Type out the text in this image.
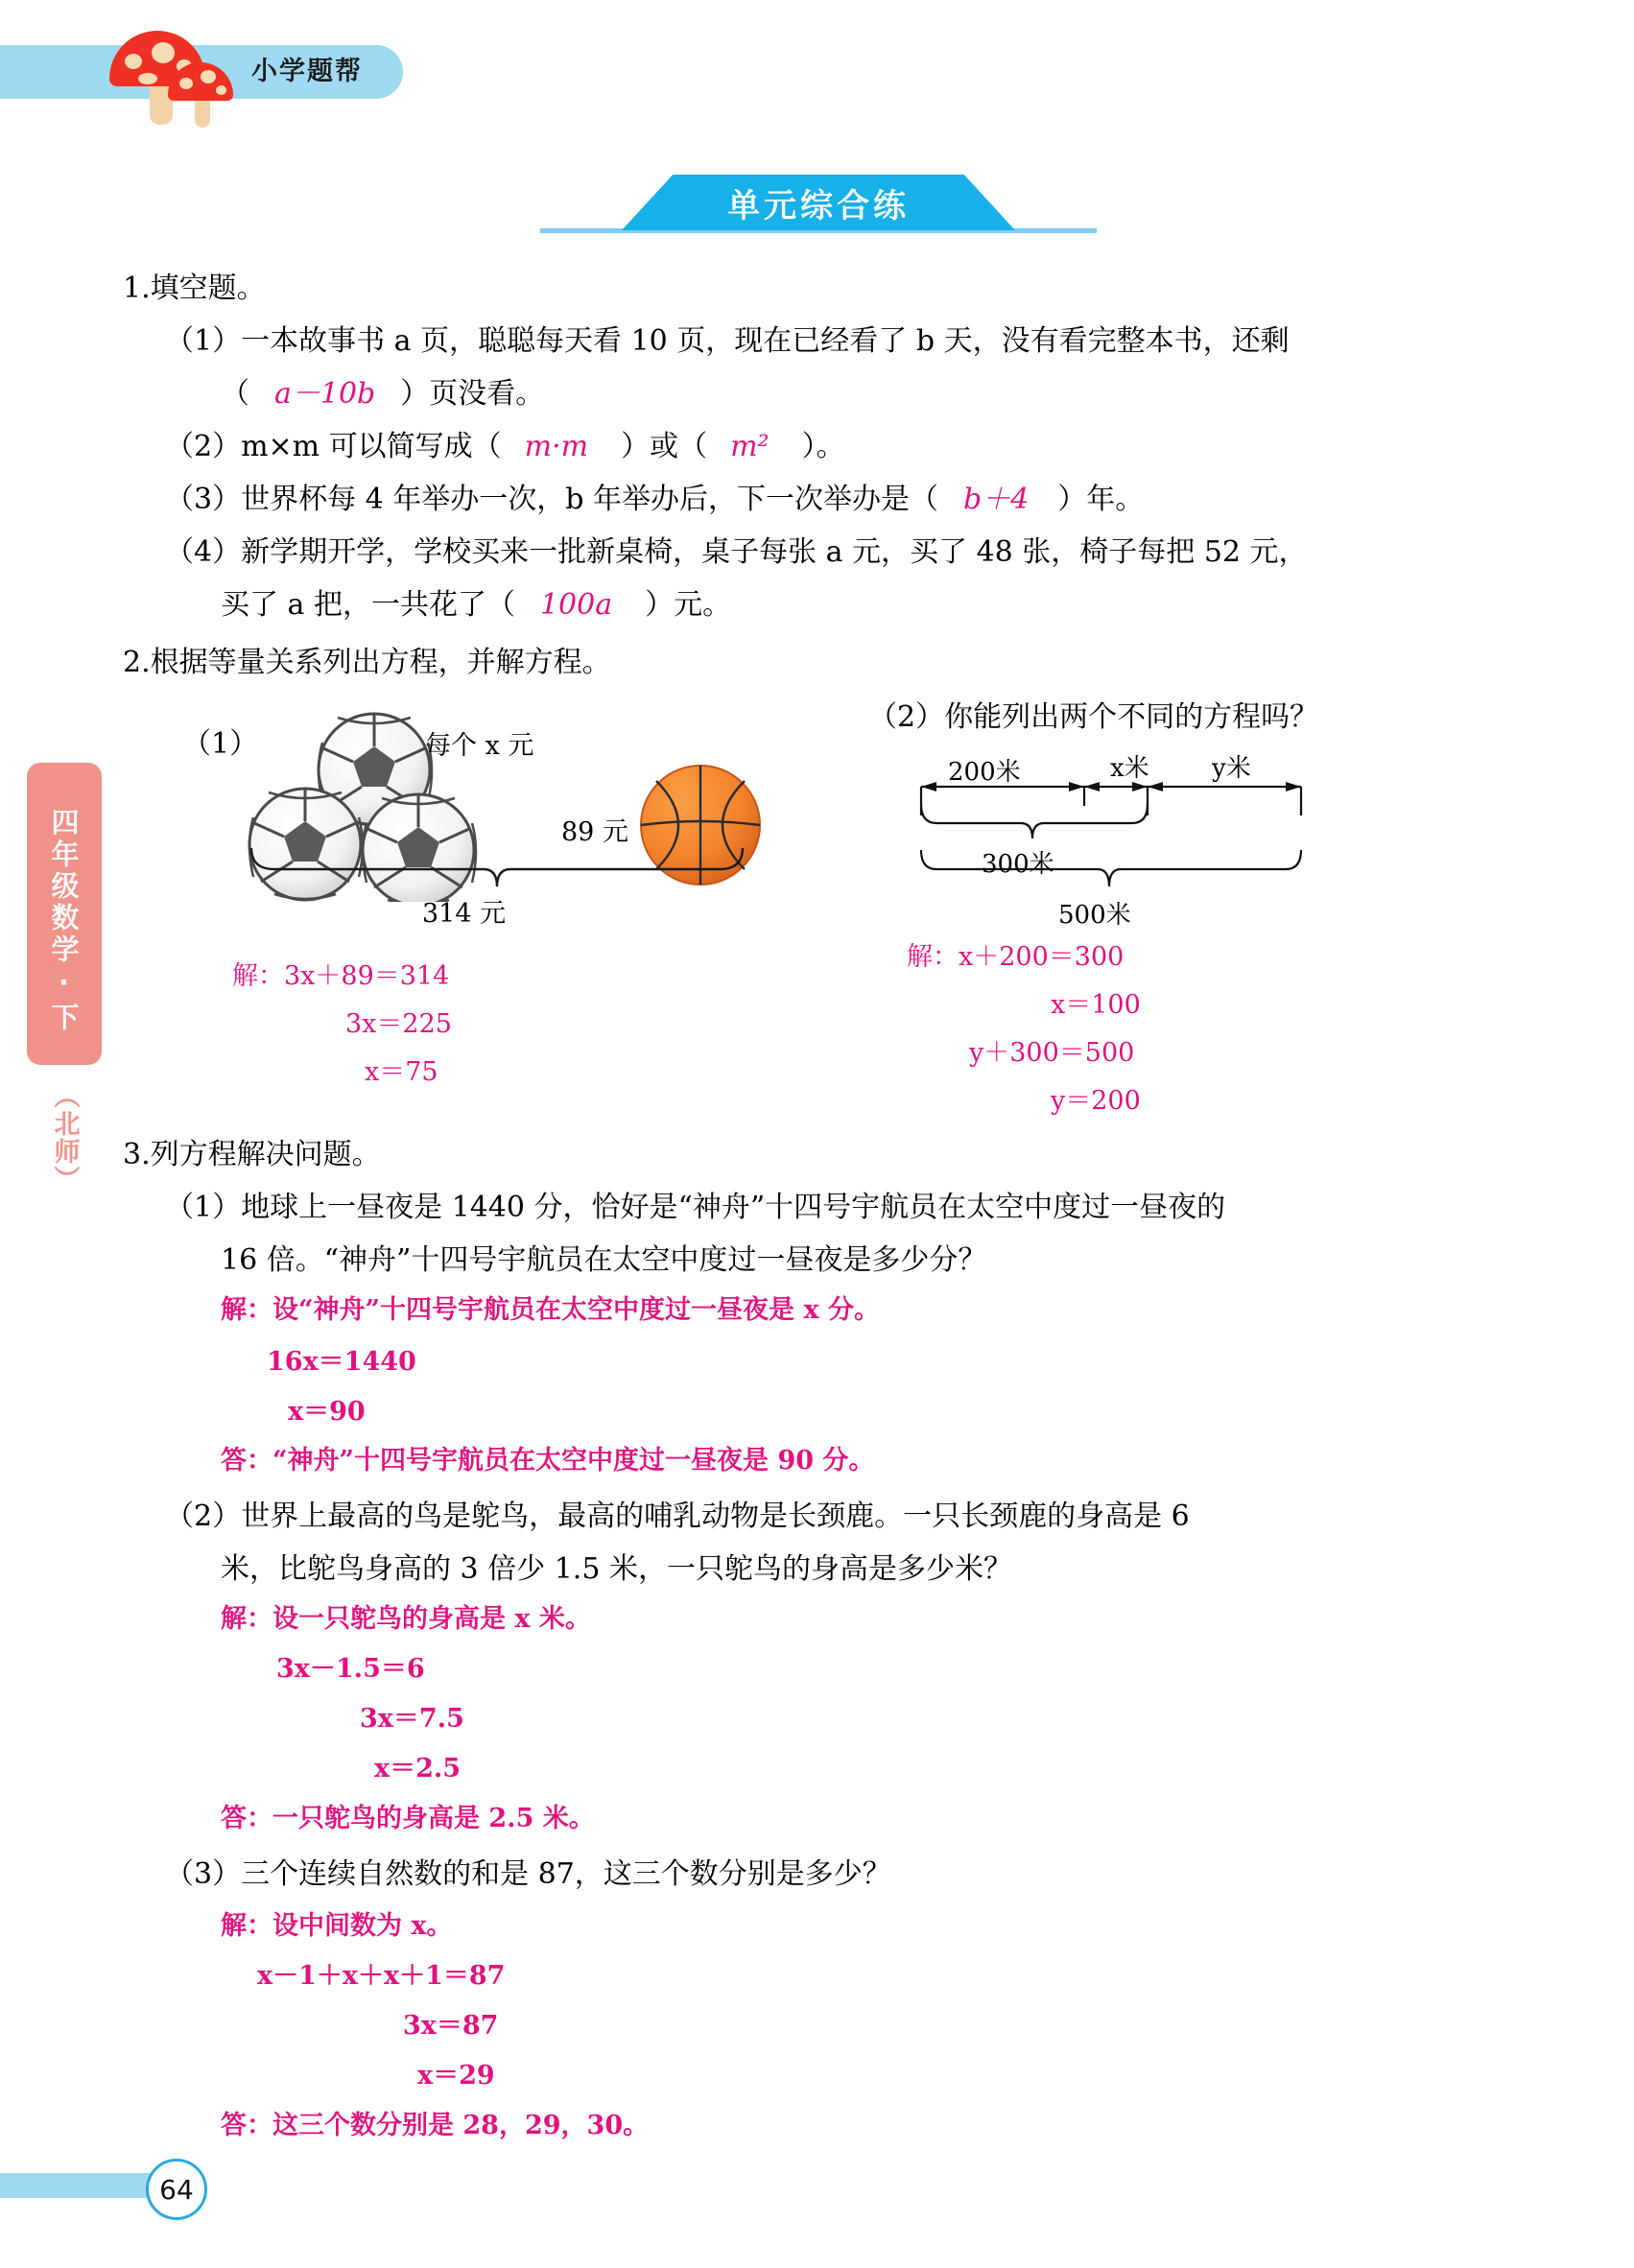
小学题帮
单元综合练
四年级数学·下
（北师）
1.填空题。
（1）一本故事书 a 页，聪聪每天看 10 页，现在已经看了 b 天，没有看完整本书，还剩
（ a－10b ）页没看。
（2）m×m 可以简写成（ m·m ）或（ m² ）。
（3）世界杯每 4 年举办一次，b 年举办后，下一次举办是（ b＋4 ）年。
（4）新学期开学，学校买来一批新桌椅，桌子每张 a 元，买了 48 张，椅子每把 52 元，
买了 a 把，一共花了（ 100a ）元。
2.根据等量关系列出方程，并解方程。
（1）	每个 x 元
89 元
314 元
解：3x＋89＝314
3x＝225
x＝75
（2）你能列出两个不同的方程吗？
200米	x米	y米
300米
500米
解：x＋200＝300
x＝100
y＋300＝500
y＝200
3.列方程解决问题。
（1）地球上一昼夜是 1440 分，恰好是“神舟”十四号宇航员在太空中度过一昼夜的
16 倍。“神舟”十四号宇航员在太空中度过一昼夜是多少分？
解：设“神舟”十四号宇航员在太空中度过一昼夜是 x 分。
16x＝1440
x＝90
答：“神舟”十四号宇航员在太空中度过一昼夜是 90 分。
（2）世界上最高的鸟是鸵鸟，最高的哺乳动物是长颈鹿。一只长颈鹿的身高是 6
米，比鸵鸟身高的 3 倍少 1.5 米，一只鸵鸟的身高是多少米？
解：设一只鸵鸟的身高是 x 米。
3x－1.5＝6
3x＝7.5
x＝2.5
答：一只鸵鸟的身高是 2.5 米。
（3）三个连续自然数的和是 87，这三个数分别是多少？
解：设中间数为 x。
x－1＋x＋x＋1＝87
3x＝87
x＝29
答：这三个数分别是 28，29，30。
64
